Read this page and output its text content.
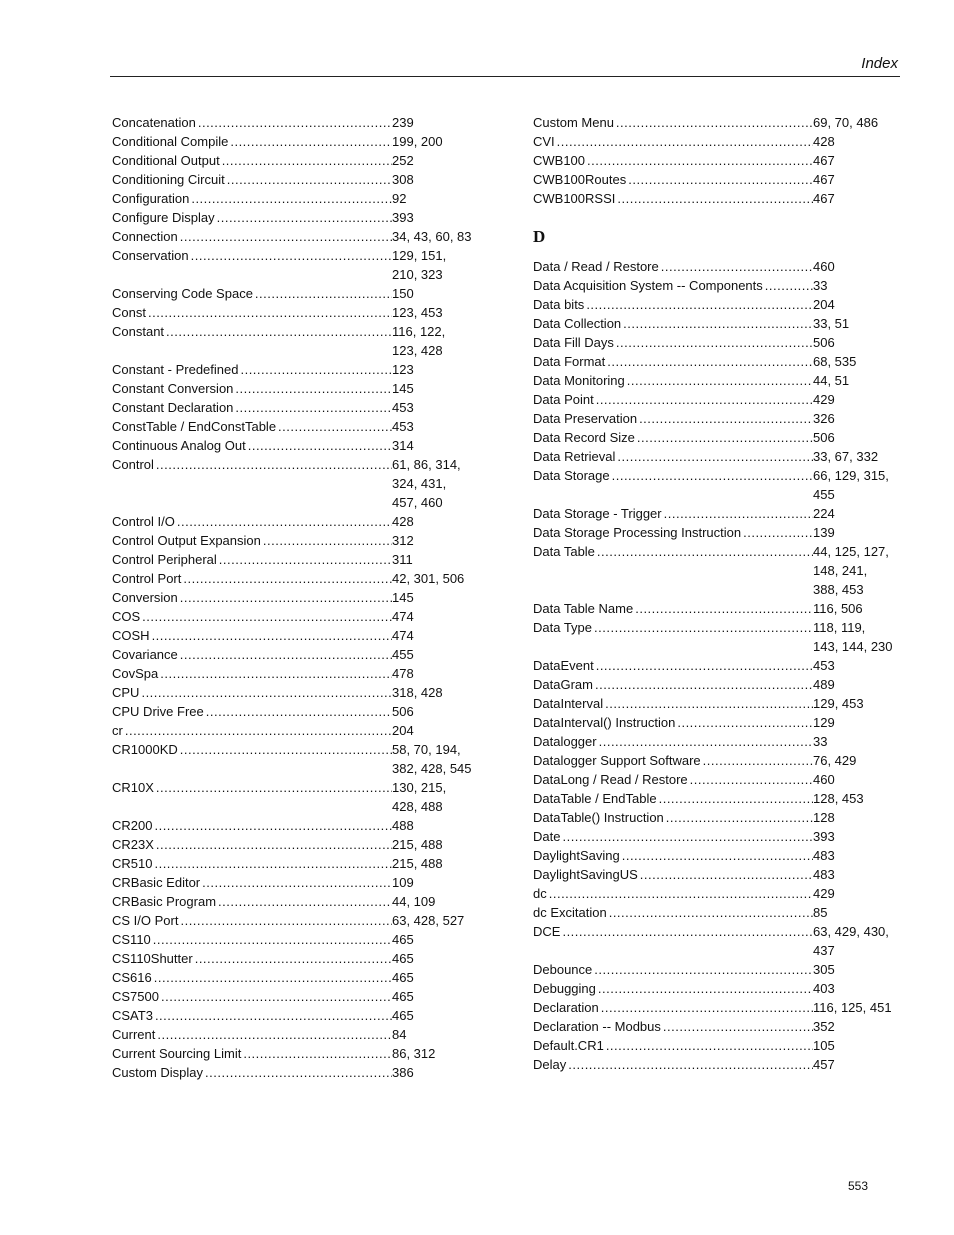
Index
Concatenation .....	239
Conditional Compile .....	199, 200
Conditional Output .....	252
Conditioning Circuit .....	308
Configuration .....	92
Configure Display .....	393
Connection .....	34, 43, 60, 83
Conservation .....	129, 151, 210, 323
Conserving Code Space .....	150
Const .....	123, 453
Constant .....	116, 122, 123, 428
Constant - Predefined .....	123
Constant Conversion .....	145
Constant Declaration .....	453
ConstTable / EndConstTable .....	453
Continuous Analog Out .....	314
Control .....	61, 86, 314, 324, 431, 457, 460
Control I/O .....	428
Control Output Expansion .....	312
Control Peripheral .....	311
Control Port .....	42, 301, 506
Conversion .....	145
COS .....	474
COSH .....	474
Covariance .....	455
CovSpa .....	478
CPU .....	318, 428
CPU Drive Free .....	506
cr .....	204
CR1000KD .....	58, 70, 194, 382, 428, 545
CR10X .....	130, 215, 428, 488
CR200 .....	488
CR23X .....	215, 488
CR510 .....	215, 488
CRBasic Editor .....	109
CRBasic Program .....	44, 109
CS I/O Port .....	63, 428, 527
CS110 .....	465
CS110Shutter .....	465
CS616 .....	465
CS7500 .....	465
CSAT3 .....	465
Current .....	84
Current Sourcing Limit .....	86, 312
Custom Display .....	386
Custom Menu .....	69, 70, 486
CVI .....	428
CWB100 .....	467
CWB100Routes .....	467
CWB100RSSI .....	467
D
Data / Read / Restore .....	460
Data Acquisition System -- Components .....	33
Data bits .....	204
Data Collection .....	33, 51
Data Fill Days .....	506
Data Format .....	68, 535
Data Monitoring .....	44, 51
Data Point .....	429
Data Preservation .....	326
Data Record Size .....	506
Data Retrieval .....	33, 67, 332
Data Storage .....	66, 129, 315, 455
Data Storage - Trigger .....	224
Data Storage Processing Instruction .....	139
Data Table .....	44, 125, 127, 148, 241, 388, 453
Data Table Name .....	116, 506
Data Type .....	118, 119, 143, 144, 230
DataEvent .....	453
DataGram .....	489
DataInterval .....	129, 453
DataInterval() Instruction .....	129
Datalogger .....	33
Datalogger Support Software .....	76, 429
DataLong / Read / Restore .....	460
DataTable / EndTable .....	128, 453
DataTable() Instruction .....	128
Date .....	393
DaylightSaving .....	483
DaylightSavingUS .....	483
dc .....	429
dc Excitation .....	85
DCE .....	63, 429, 430, 437
Debounce .....	305
Debugging .....	403
Declaration .....	116, 125, 451
Declaration -- Modbus .....	352
Default.CR1 .....	105
Delay .....	457
553
